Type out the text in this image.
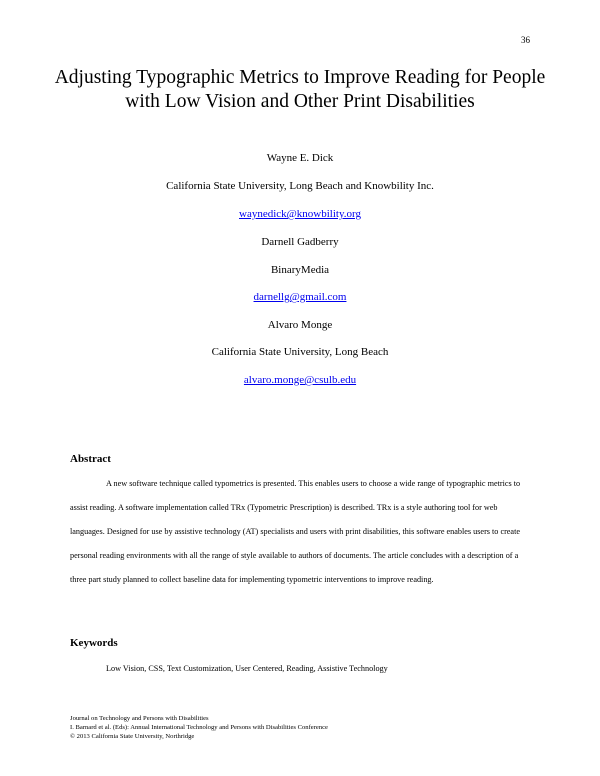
36
Adjusting Typographic Metrics to Improve Reading for People with Low Vision and Other Print Disabilities
Wayne E. Dick
California State University, Long Beach and Knowbility Inc.
waynedick@knowbility.org
Darnell Gadberry
BinaryMedia
darnellg@gmail.com
Alvaro Monge
California State University, Long Beach
alvaro.monge@csulb.edu
Abstract
A new software technique called typometrics is presented. This enables users to choose a wide range of typographic metrics to assist reading. A software implementation called TRx (Typometric Prescription) is described. TRx is a style authoring tool for web languages. Designed for use by assistive technology (AT) specialists and users with print disabilities, this software enables users to create personal reading environments with all the range of style available to authors of documents. The article concludes with a description of a three part study planned to collect baseline data for implementing typometric interventions to improve reading.
Keywords
Low Vision, CSS, Text Customization, User Centered, Reading, Assistive Technology
Journal on Technology and Persons with Disabilities
I. Barnard et al. (Eds): Annual International Technology and Persons with Disabilities Conference
© 2013 California State University, Northridge
